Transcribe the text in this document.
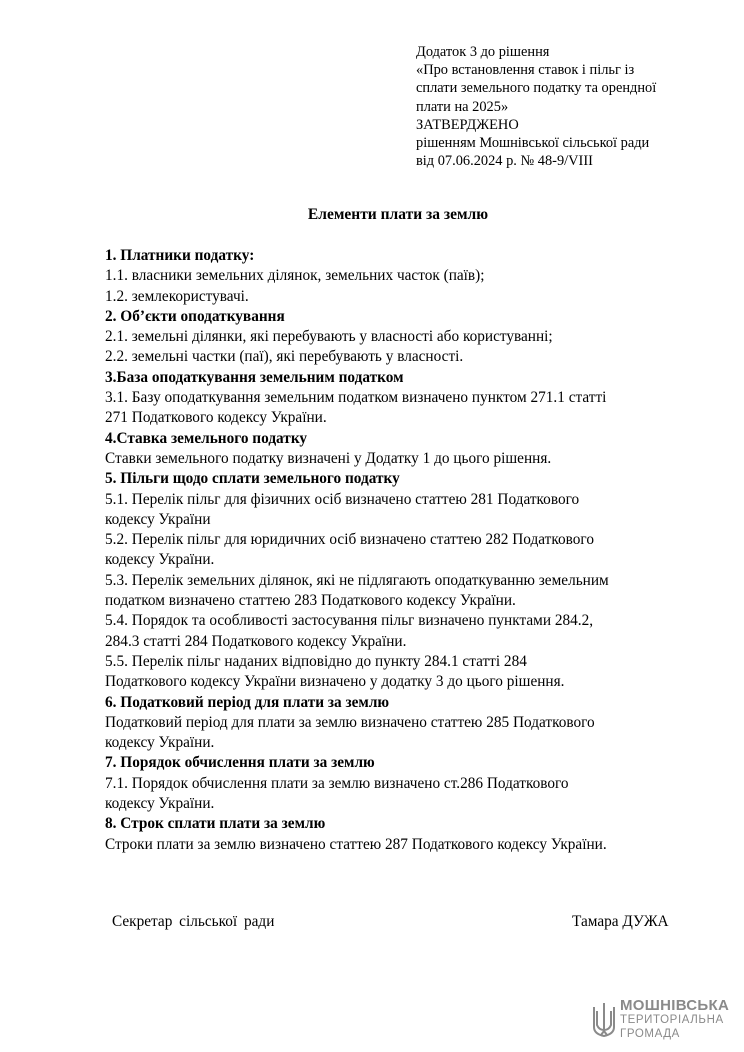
Додаток 3 до рішення
«Про встановлення ставок і пільг із
сплати земельного податку та орендної
плати на 2025»
ЗАТВЕРДЖЕНО
рішенням Мошнівської сільської ради
від 07.06.2024 р. № 48-9/VIII
Елементи плати за землю
1. Платники податку:
1.1. власники земельних ділянок, земельних часток (паїв);
1.2. землекористувачі.
2. Об’єкти оподаткування
2.1. земельні ділянки, які перебувають у власності або користуванні;
2.2. земельні частки (паї), які перебувають у власності.
3.База оподаткування земельним податком
3.1. Базу оподаткування земельним податком визначено пунктом 271.1 статті
271 Податкового кодексу України.
4.Ставка земельного податку
Ставки земельного податку визначені у Додатку 1 до цього рішення.
5. Пільги щодо сплати земельного податку
5.1. Перелік пільг для фізичних осіб визначено статтею 281 Податкового
кодексу України
5.2. Перелік пільг для юридичних осіб визначено статтею 282 Податкового
кодексу України.
5.3. Перелік земельних ділянок, які не підлягають оподаткуванню земельним
податком визначено статтею 283 Податкового кодексу України.
5.4. Порядок та особливості застосування пільг визначено пунктами 284.2,
284.3 статті 284 Податкового кодексу України.
5.5. Перелік пільг наданих відповідно до пункту 284.1 статті 284
Податкового кодексу України визначено у додатку 3 до цього рішення.
6. Податковий період для плати за землю
Податковий період для плати за землю визначено статтею 285 Податкового
кодексу України.
7. Порядок обчислення плати за землю
7.1. Порядок обчислення плати за землю визначено ст.286 Податкового
кодексу України.
8. Строк сплати плати за землю
Строки плати за землю визначено статтею 287 Податкового кодексу України.
Секретар сільської ради	Тамара ДУЖА
МОШНІВСЬКА
ТЕРИТОРІАЛЬНА
ГРОМАДА
